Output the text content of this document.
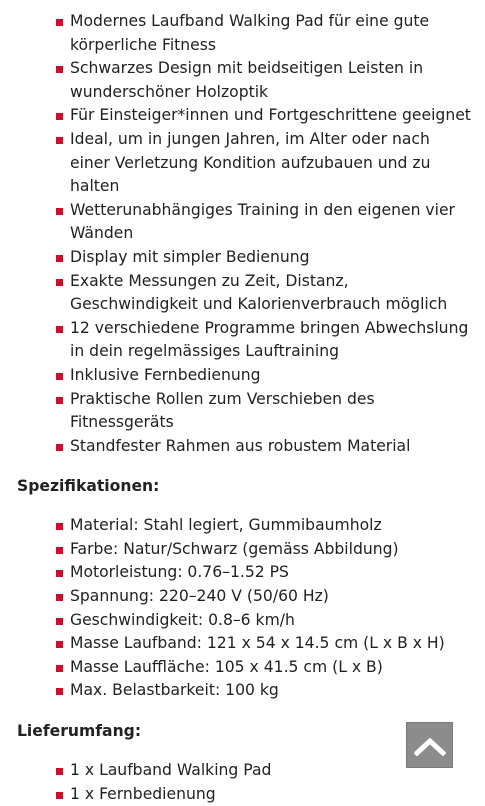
Modernes Laufband Walking Pad für eine gute körperliche Fitness
Schwarzes Design mit beidseitigen Leisten in wunderschöner Holzoptik
Für Einsteiger*innen und Fortgeschrittene geeignet
Ideal, um in jungen Jahren, im Alter oder nach einer Verletzung Kondition aufzubauen und zu halten
Wetterunabhängiges Training in den eigenen vier Wänden
Display mit simpler Bedienung
Exakte Messungen zu Zeit, Distanz, Geschwindigkeit und Kalorienverbrauch möglich
12 verschiedene Programme bringen Abwechslung in dein regelmässiges Lauftraining
Inklusive Fernbedienung
Praktische Rollen zum Verschieben des Fitnessgeräts
Standfester Rahmen aus robustem Material

Spezifikationen:

Material: Stahl legiert, Gummibaumholz
Farbe: Natur/Schwarz (gemäss Abbildung)
Motorleistung: 0.76–1.52 PS
Spannung: 220–240 V (50/60 Hz)
Geschwindigkeit: 0.8–6 km/h
Masse Laufband: 121 x 54 x 14.5 cm (L x B x H)
Masse Lauffläche: 105 x 41.5 cm (L x B)
Max. Belastbarkeit: 100 kg

Lieferumfang:

1 x Laufband Walking Pad
1 x Fernbedienung
